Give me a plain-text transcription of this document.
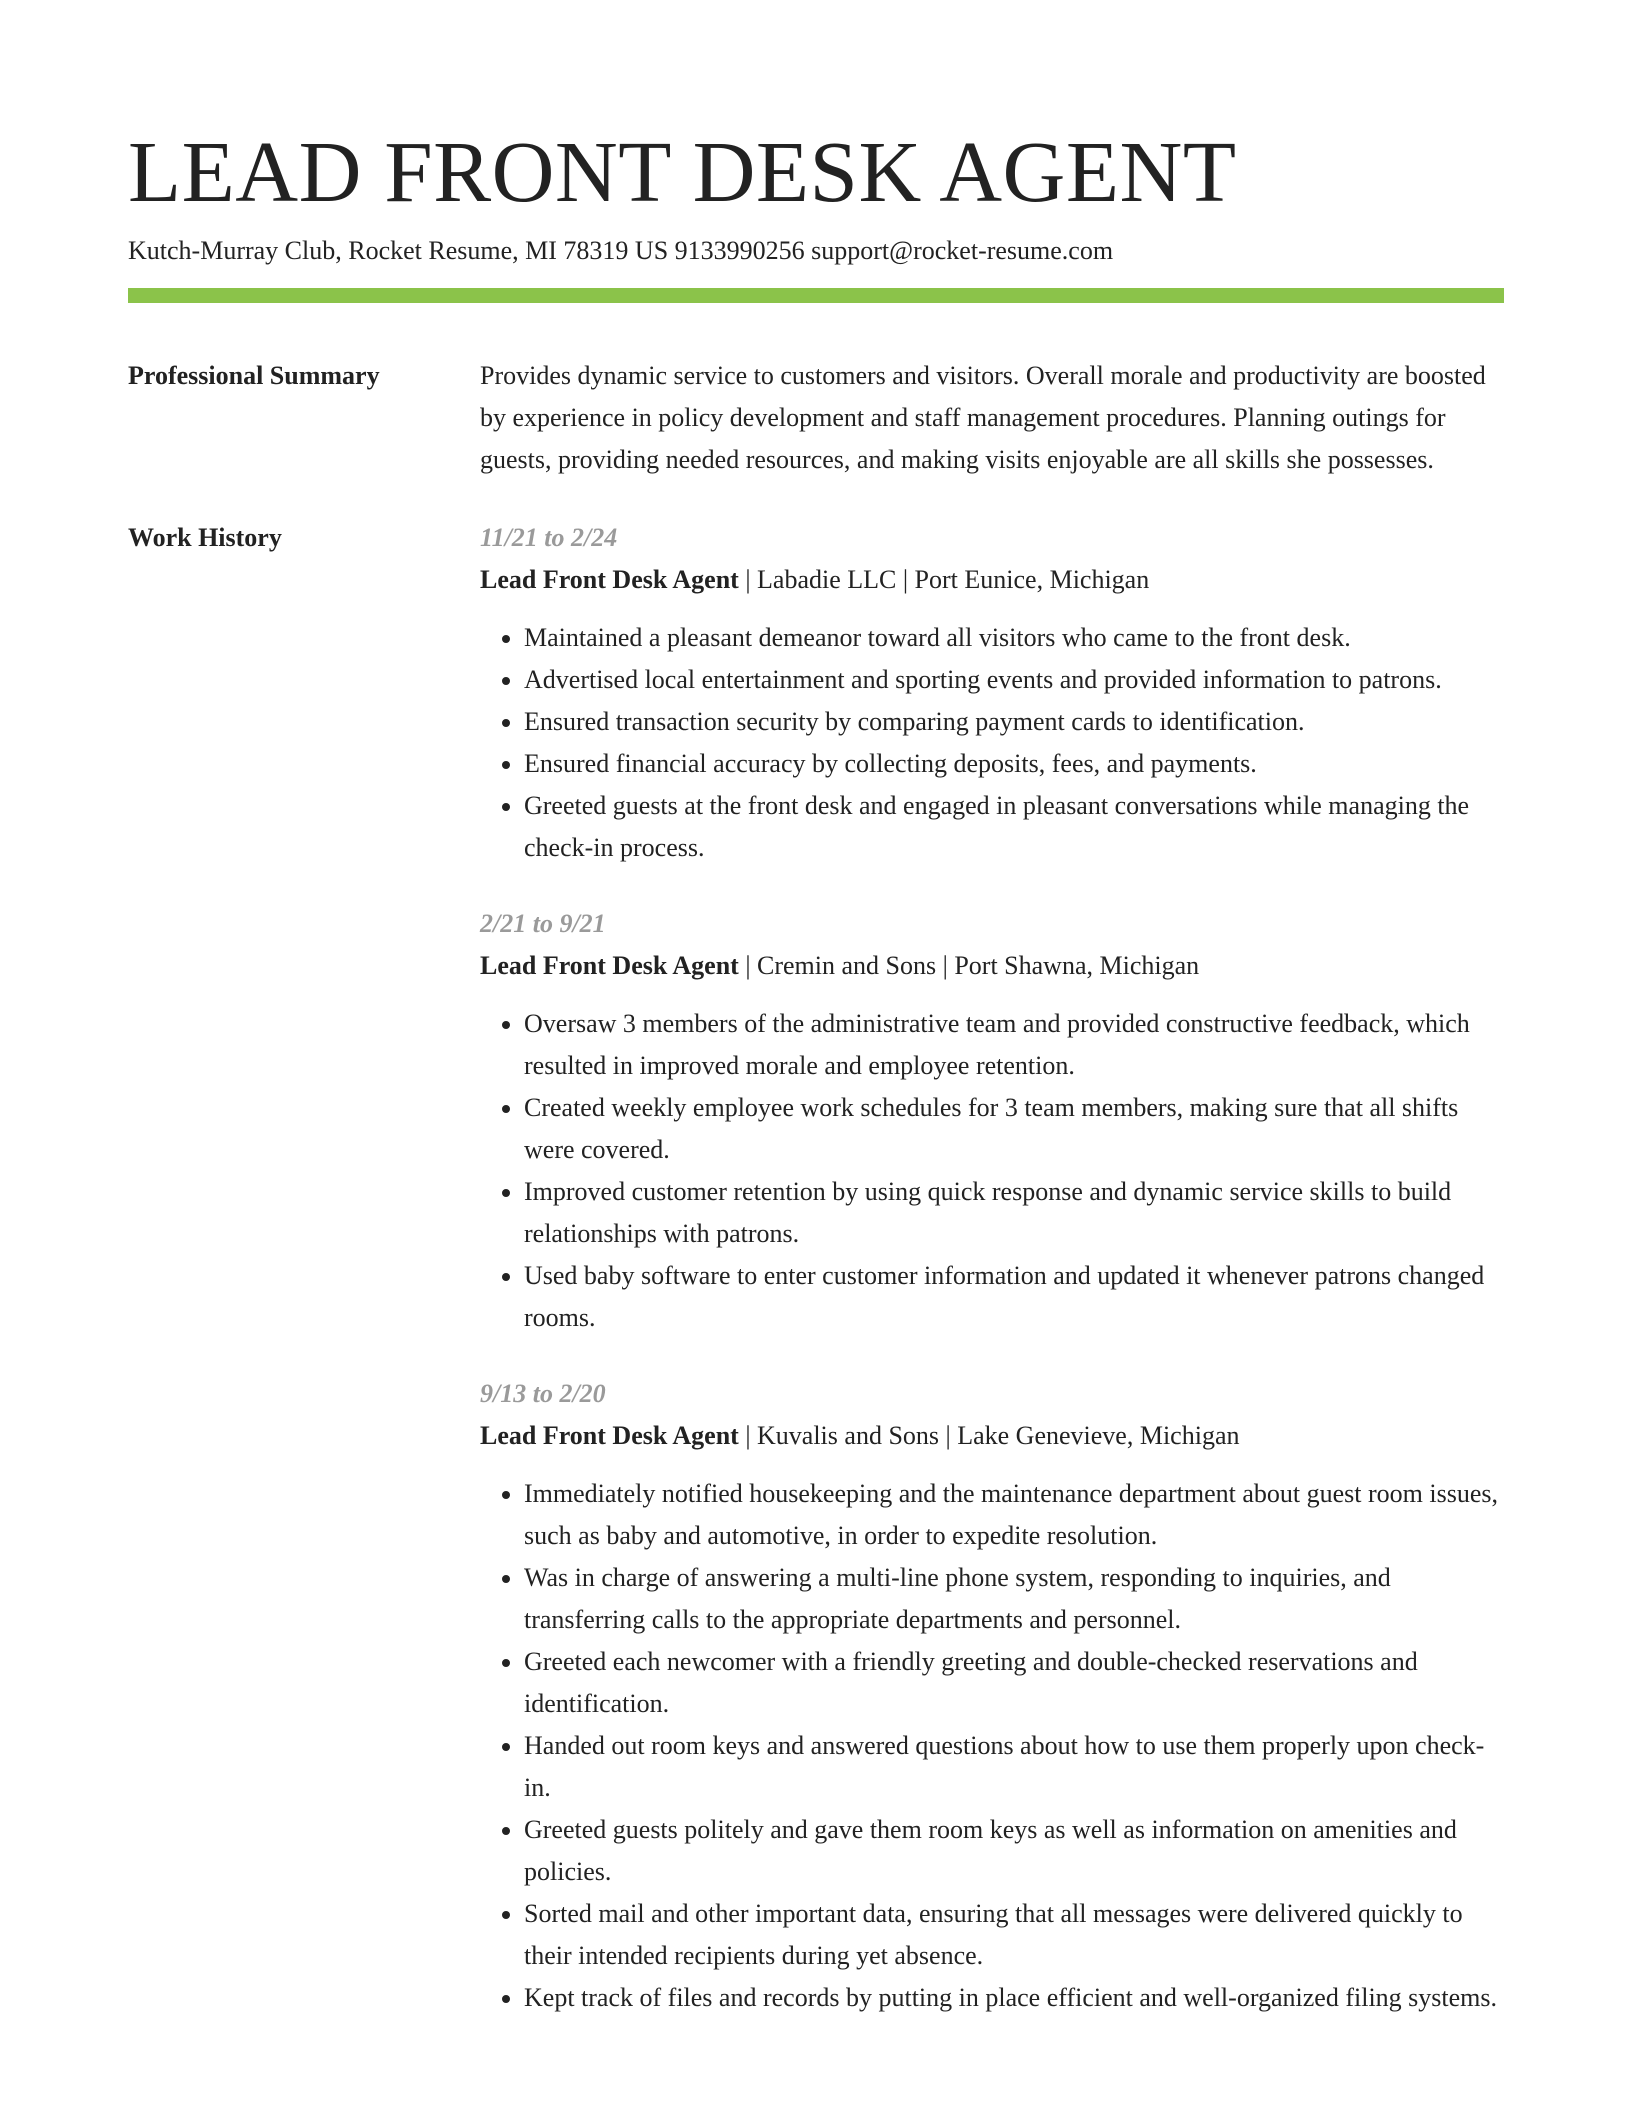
LEAD FRONT DESK AGENT
Kutch-Murray Club, Rocket Resume, MI 78319 US 9133990256 support@rocket-resume.com
Professional Summary	Provides dynamic service to customers and visitors. Overall morale and productivity are boosted by experience in policy development and staff management procedures. Planning outings for guests, providing needed resources, and making visits enjoyable are all skills she possesses.

Work History	11/21 to 2/24
Lead Front Desk Agent | Labadie LLC | Port Eunice, Michigan
• Maintained a pleasant demeanor toward all visitors who came to the front desk.
• Advertised local entertainment and sporting events and provided information to patrons.
• Ensured transaction security by comparing payment cards to identification.
• Ensured financial accuracy by collecting deposits, fees, and payments.
• Greeted guests at the front desk and engaged in pleasant conversations while managing the check-in process.
2/21 to 9/21
Lead Front Desk Agent | Cremin and Sons | Port Shawna, Michigan
• Oversaw 3 members of the administrative team and provided constructive feedback, which resulted in improved morale and employee retention.
• Created weekly employee work schedules for 3 team members, making sure that all shifts were covered.
• Improved customer retention by using quick response and dynamic service skills to build relationships with patrons.
• Used baby software to enter customer information and updated it whenever patrons changed rooms.
9/13 to 2/20
Lead Front Desk Agent | Kuvalis and Sons | Lake Genevieve, Michigan
• Immediately notified housekeeping and the maintenance department about guest room issues, such as baby and automotive, in order to expedite resolution.
• Was in charge of answering a multi-line phone system, responding to inquiries, and transferring calls to the appropriate departments and personnel.
• Greeted each newcomer with a friendly greeting and double-checked reservations and identification.
• Handed out room keys and answered questions about how to use them properly upon check-in.
• Greeted guests politely and gave them room keys as well as information on amenities and policies.
• Sorted mail and other important data, ensuring that all messages were delivered quickly to their intended recipients during yet absence.
• Kept track of files and records by putting in place efficient and well-organized filing systems.
